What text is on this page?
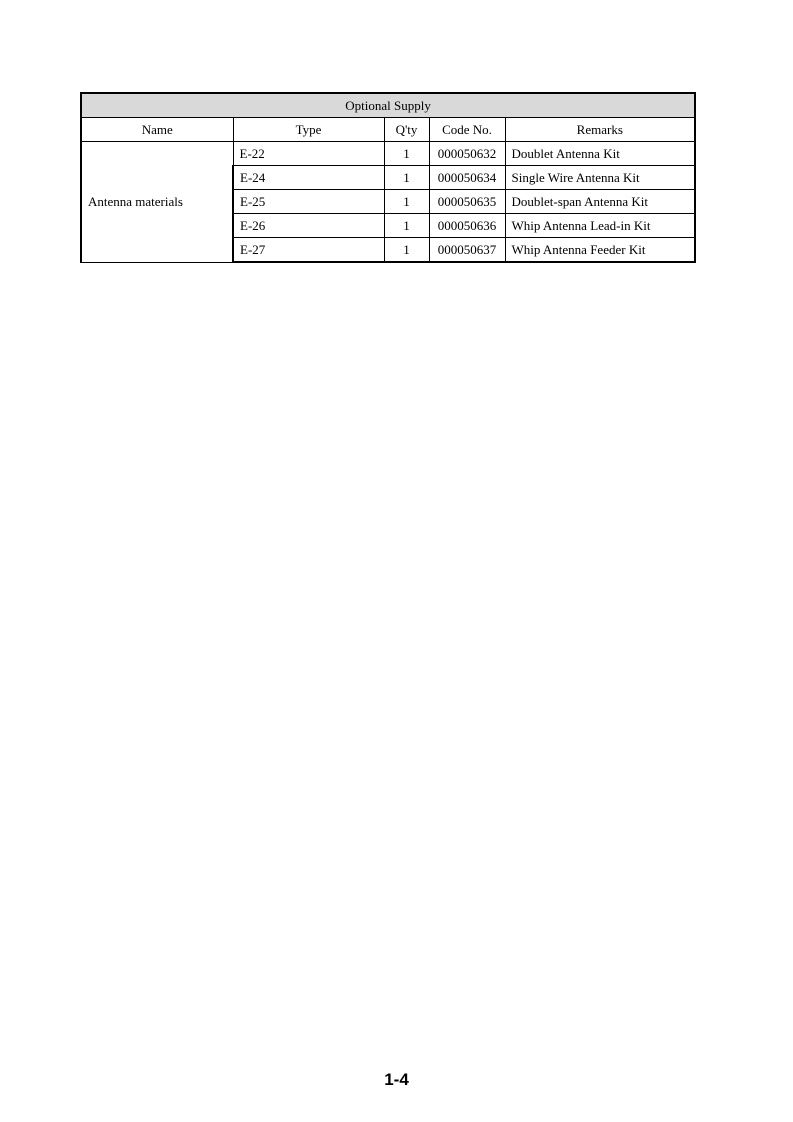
Optional Supply				
Name	Type	Q'ty	Code No.	Remarks
Antenna materials	E-22	1	000050632	Doublet Antenna Kit
	E-24	1	000050634	Single Wire Antenna Kit
	E-25	1	000050635	Doublet-span Antenna Kit
	E-26	1	000050636	Whip Antenna Lead-in Kit
	E-27	1	000050637	Whip Antenna Feeder Kit
1-4
